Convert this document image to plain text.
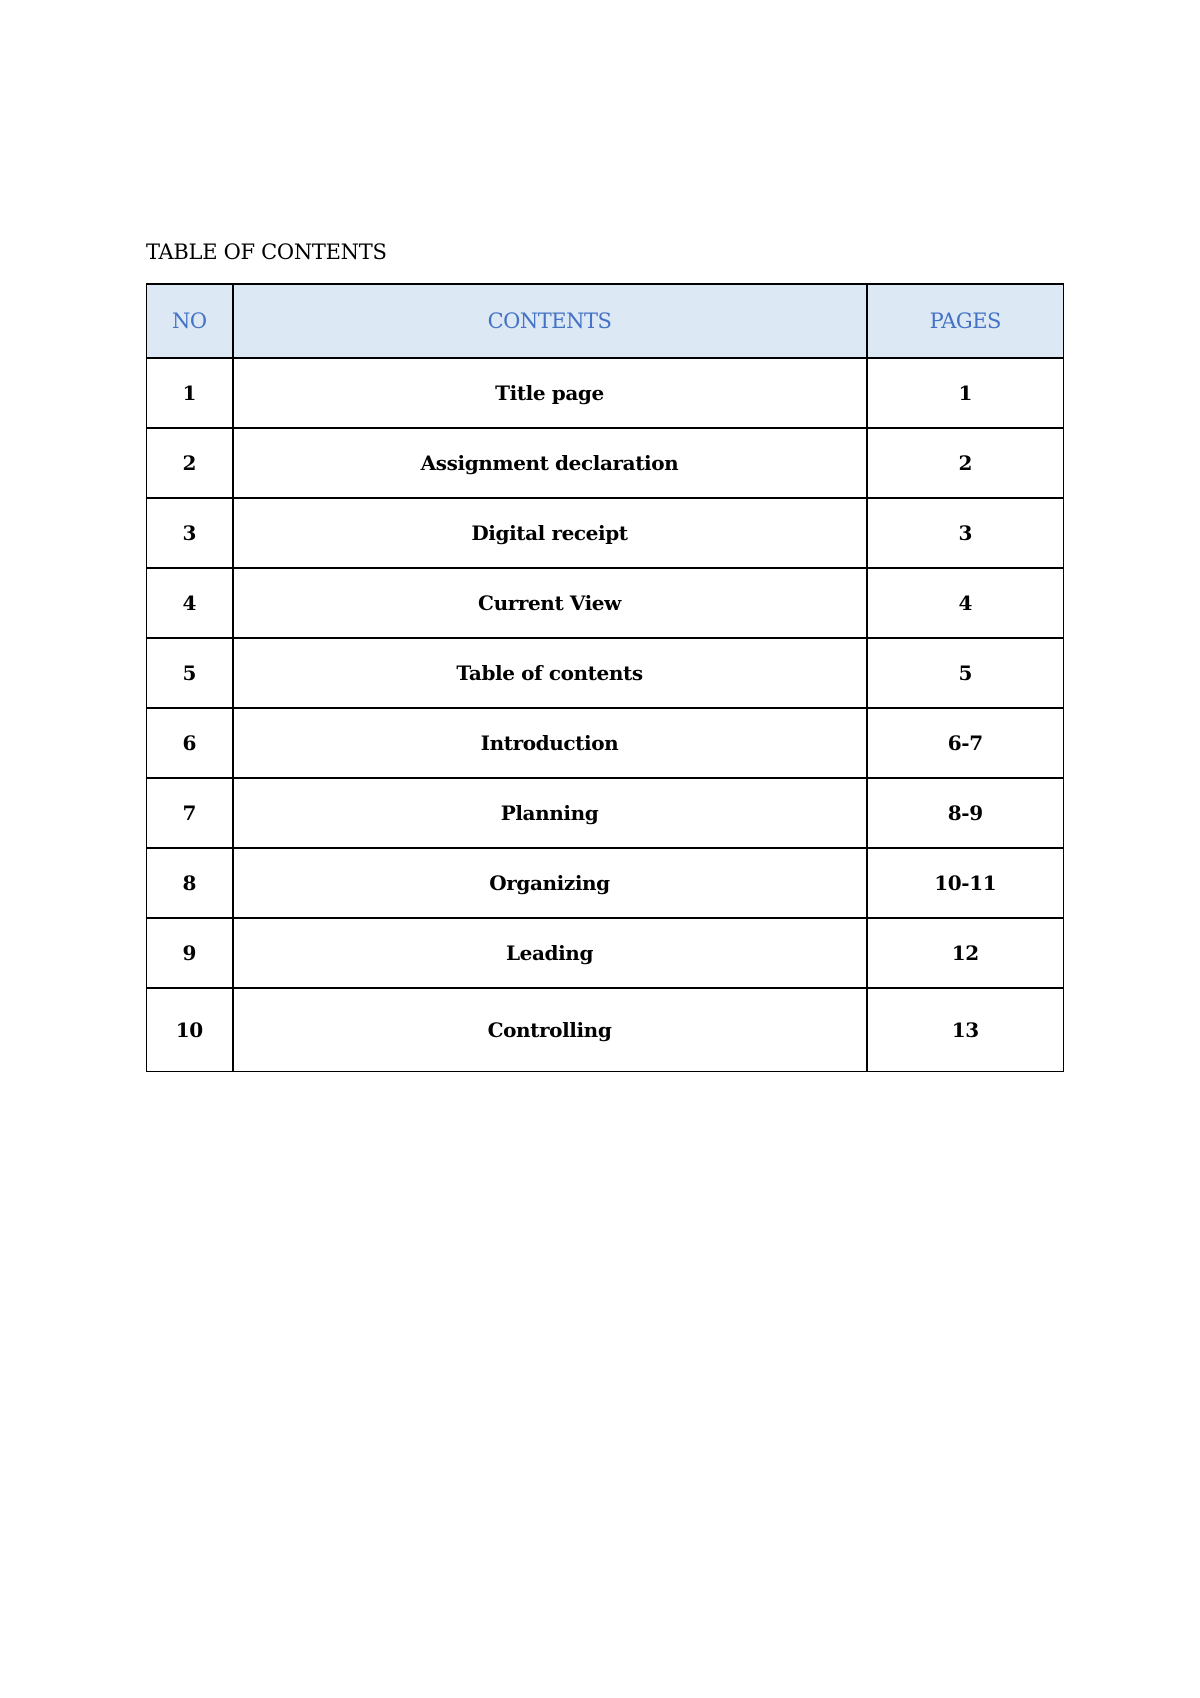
TABLE OF CONTENTS
NO	CONTENTS	PAGES
1	Title page	1
2	Assignment declaration	2
3	Digital receipt	3
4	Current View	4
5	Table of contents	5
6	Introduction	6-7
7	Planning	8-9
8	Organizing	10-11
9	Leading	12
10	Controlling	13
